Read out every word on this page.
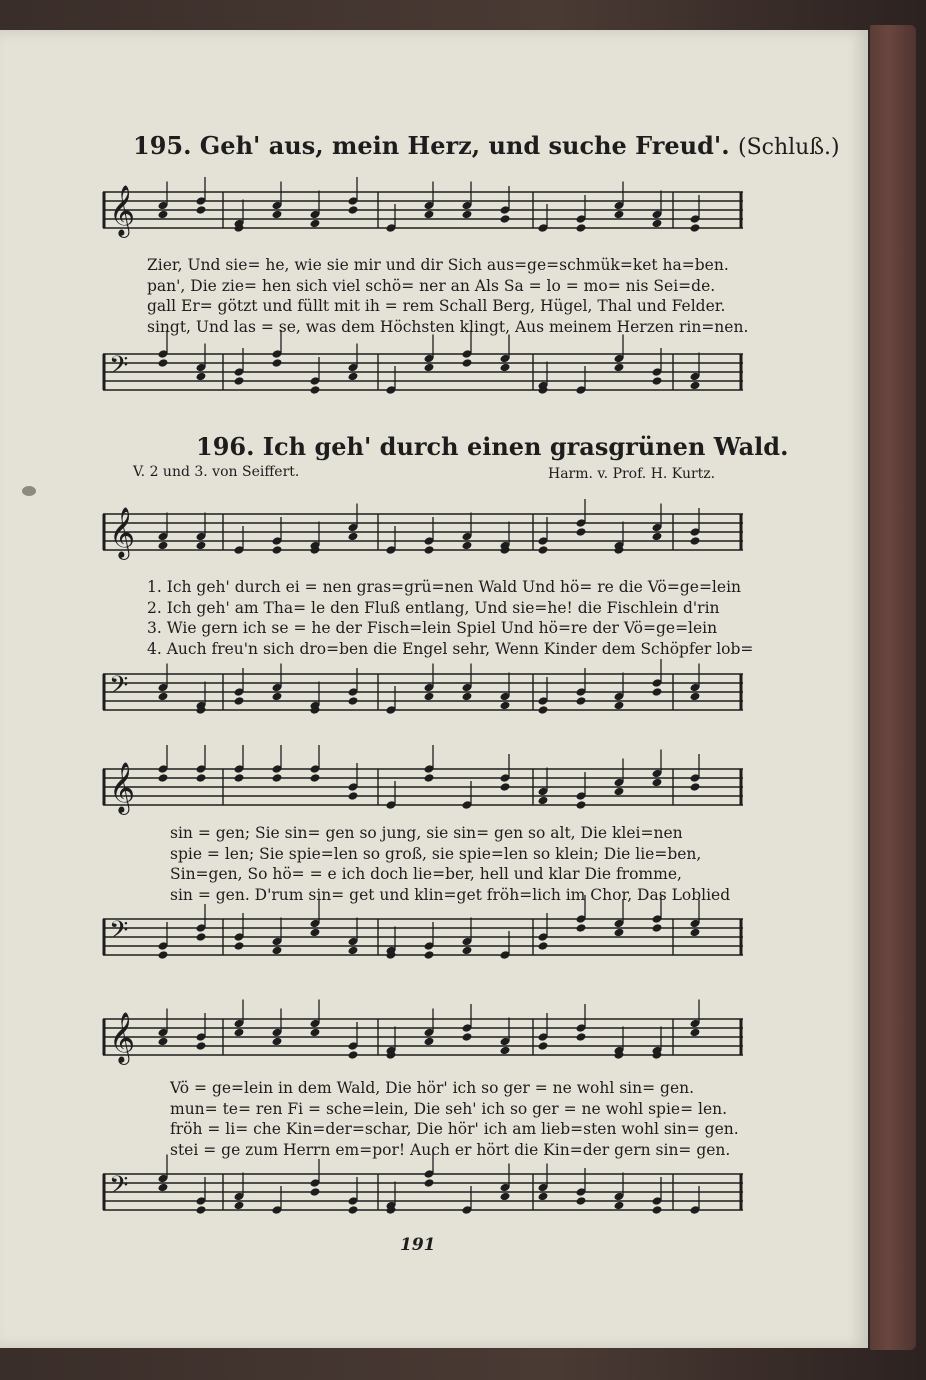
195. Geh' aus, mein Herz, und suche Freud'. (Schluß.)
𝄞
Zier, Und sie= he, wie sie mir und dir Sich aus=ge=schmük=ket ha=ben.
pan', Die zie= hen sich viel schö= ner an Als Sa = lo = mo= nis Sei=de.
gall Er= götzt und füllt mit ih = rem Schall Berg, Hügel, Thal und Felder.
singt, Und las = se, was dem Höchsten klingt, Aus meinem Herzen rin=nen.
𝄢
196. Ich geh' durch einen grasgrünen Wald.
V. 2 und 3. von Seiffert.	Harm. v. Prof. H. Kurtz.
𝄞
1. Ich geh' durch ei = nen gras=grü=nen Wald Und hö= re die Vö=ge=lein
2. Ich geh' am Tha= le den Fluß entlang, Und sie=he! die Fischlein d'rin
3. Wie gern ich se = he der Fisch=lein Spiel Und hö=re der Vö=ge=lein
4. Auch freu'n sich dro=ben die Engel sehr, Wenn Kinder dem Schöpfer lob=
𝄢
𝄞
sin = gen; Sie sin= gen so jung, sie sin= gen so alt, Die klei=nen
spie = len; Sie spie=len so groß, sie spie=len so klein; Die lie=ben,
Sin=gen, So hö= = e ich doch lie=ber, hell und klar Die fromme,
sin = gen. D'rum sin= get und klin=get fröh=lich im Chor, Das Loblied
𝄢
𝄞
Vö = ge=lein in dem Wald, Die hör' ich so ger = ne wohl sin= gen.
mun= te= ren Fi = sche=lein, Die seh' ich so ger = ne wohl spie= len.
fröh = li= che Kin=der=schar, Die hör' ich am lieb=sten wohl sin= gen.
stei = ge zum Herrn em=por! Auch er hört die Kin=der gern sin= gen.
𝄢
191
